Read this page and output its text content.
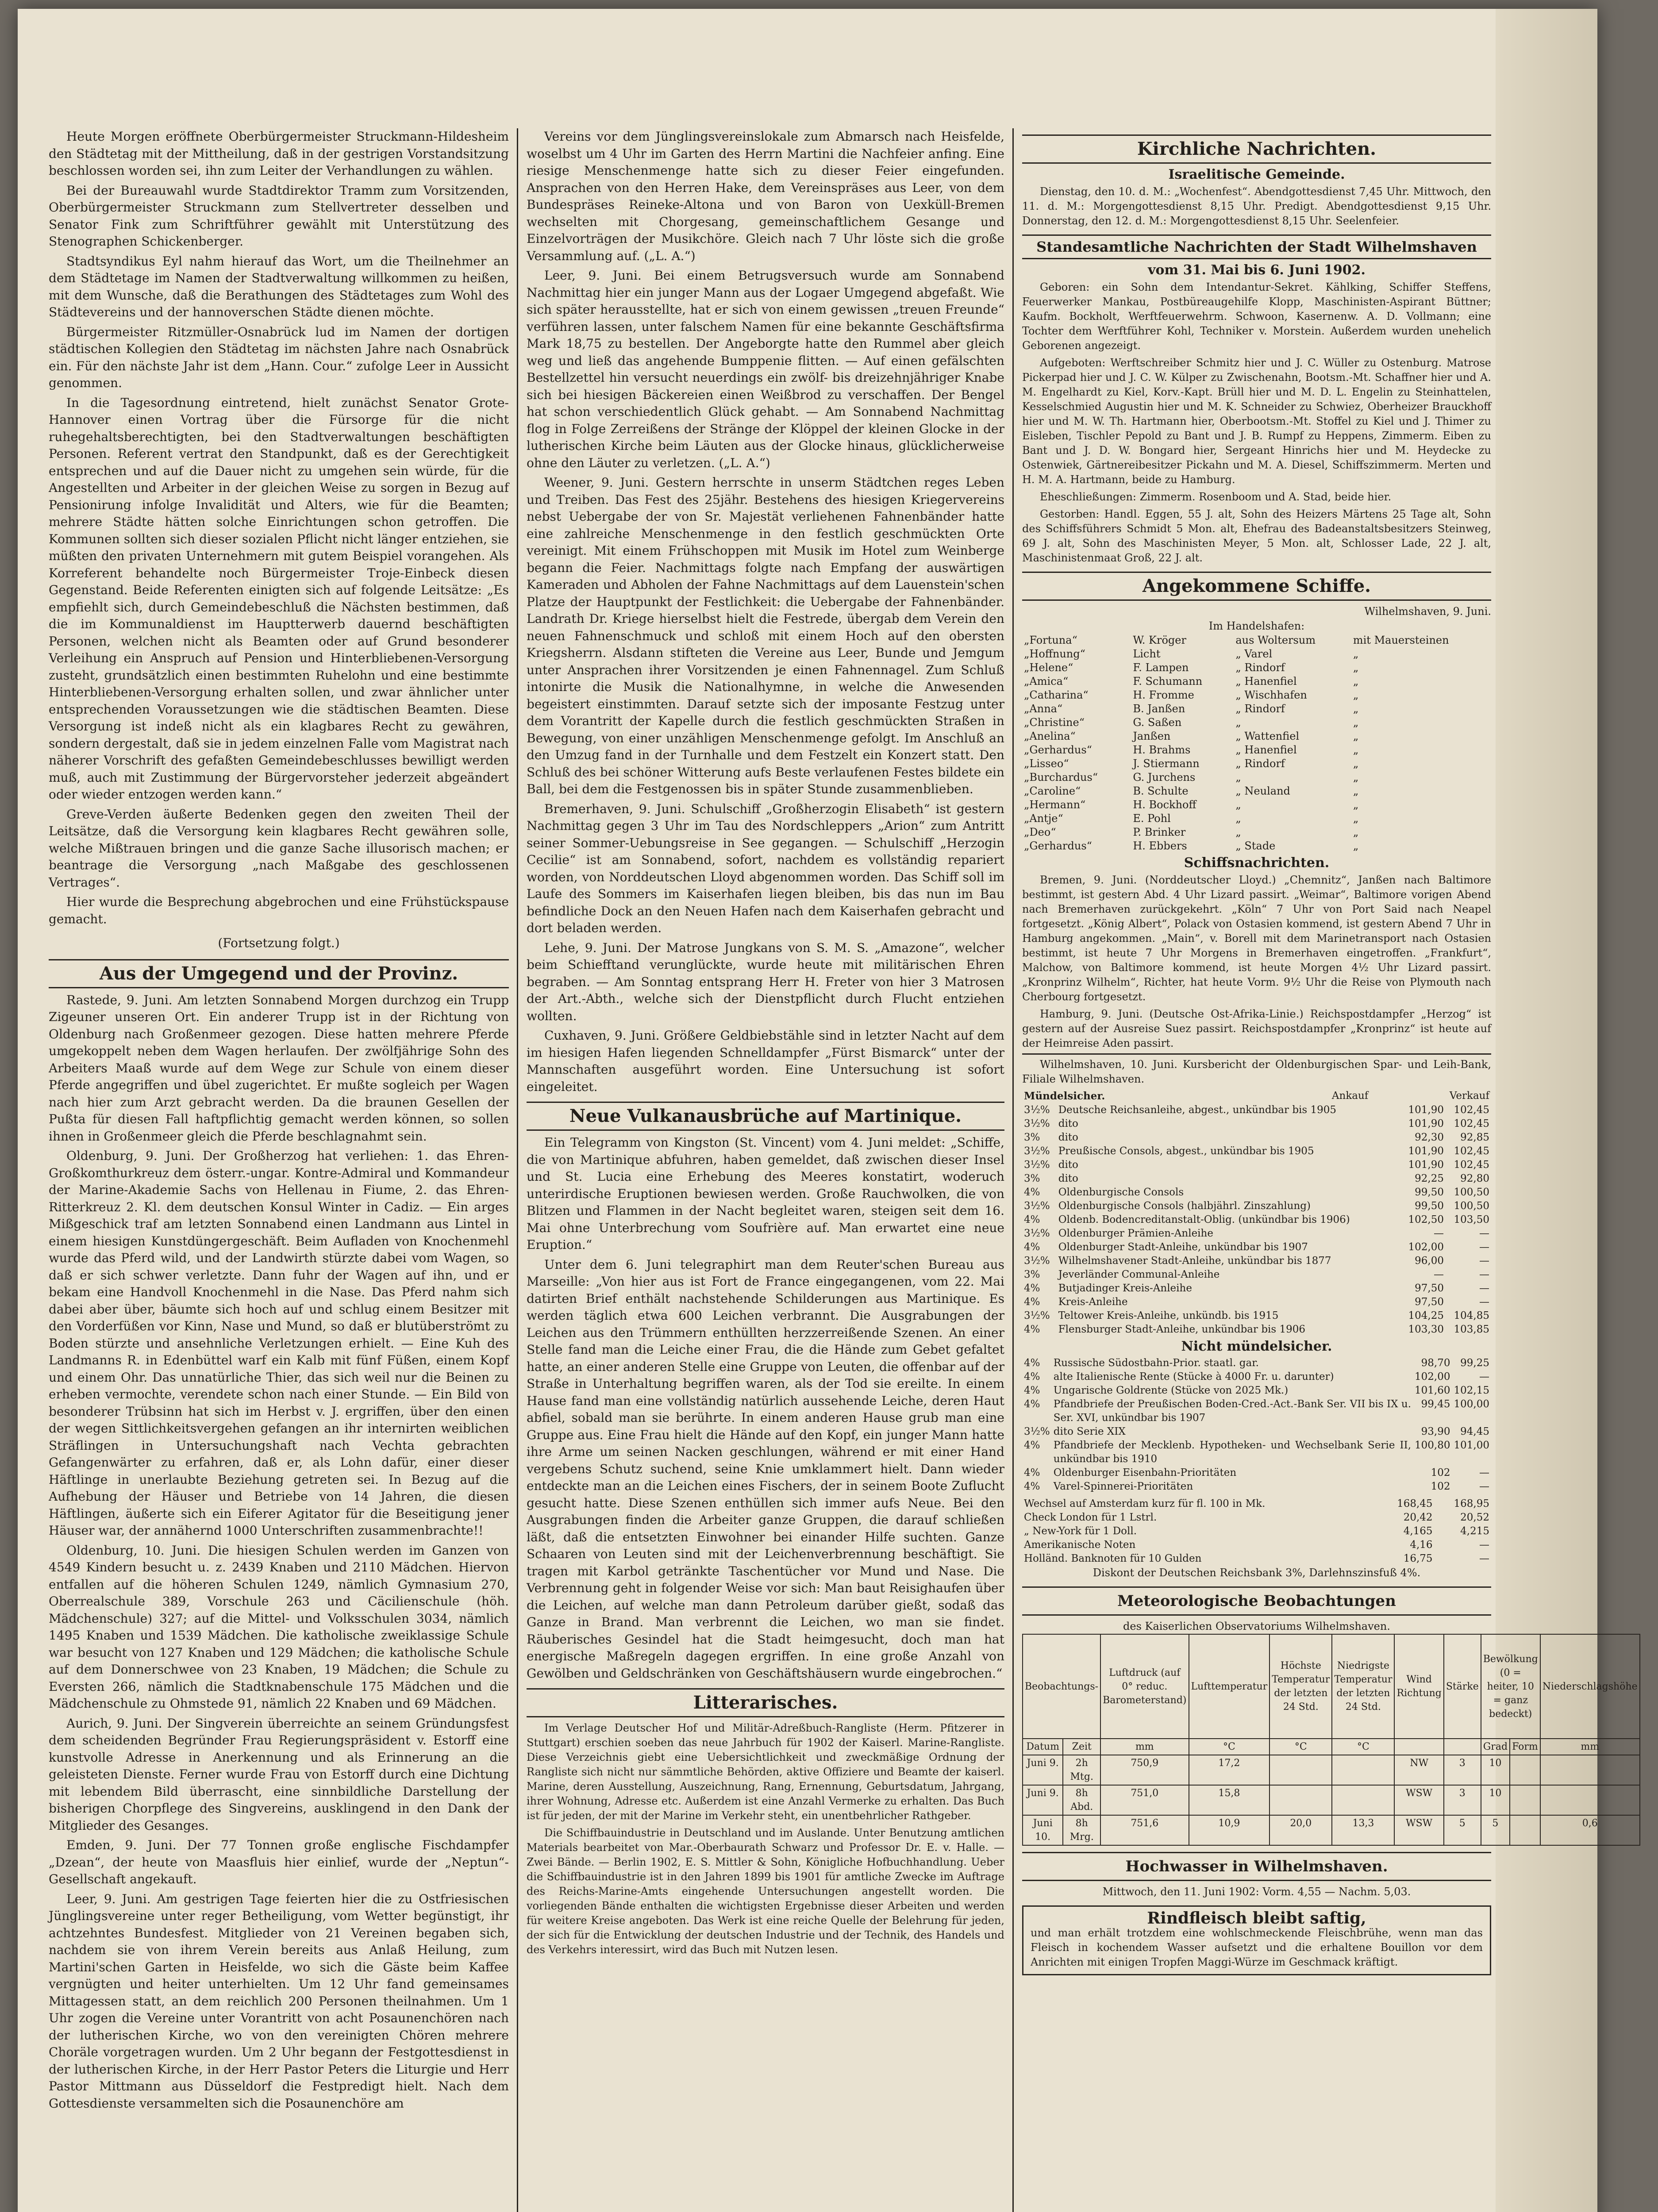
Heute Morgen eröffnete Oberbürgermeister Struckmann-Hildesheim den Städtetag mit der Mittheilung, daß in der gestrigen Vorstandsitzung beschlossen worden sei, ihn zum Leiter der Verhandlungen zu wählen.

Bei der Bureauwahl wurde Stadtdirektor Tramm zum Vorsitzenden, Oberbürgermeister Struckmann zum Stellvertreter desselben und Senator Fink zum Schriftführer gewählt mit Unterstützung des Stenographen Schickenberger.

Stadtsyndikus Eyl nahm hierauf das Wort, um die Theilnehmer an dem Städtetage im Namen der Stadtverwaltung willkommen zu heißen, mit dem Wunsche, daß die Berathungen des Städtetages zum Wohl des Städtevereins und der hannoverschen Städte dienen möchte.

Bürgermeister Ritzmüller-Osnabrück lud im Namen der dortigen städtischen Kollegien den Städtetag im nächsten Jahre nach Osnabrück ein. Für den nächste Jahr ist dem „Hann. Cour.“ zufolge Leer in Aussicht genommen.

In die Tagesordnung eintretend, hielt zunächst Senator Grote-Hannover einen Vortrag über die Fürsorge für die nicht ruhegehaltsberechtigten, bei den Stadtverwaltungen beschäftigten Personen. Referent vertrat den Standpunkt, daß es der Gerechtigkeit entsprechen und auf die Dauer nicht zu umgehen sein würde, für die Angestellten und Arbeiter in der gleichen Weise zu sorgen in Bezug auf Pensionirung infolge Invalidität und Alters, wie für die Beamten; mehrere Städte hätten solche Einrichtungen schon getroffen. Die Kommunen sollten sich dieser sozialen Pflicht nicht länger entziehen, sie müßten den privaten Unternehmern mit gutem Beispiel vorangehen. Als Korreferent behandelte noch Bürgermeister Troje-Einbeck diesen Gegenstand. Beide Referenten einigten sich auf folgende Leitsätze: „Es empfiehlt sich, durch Gemeindebeschluß die Nächsten bestimmen, daß die im Kommunaldienst im Hauptterwerb dauernd beschäftigten Personen, welchen nicht als Beamten oder auf Grund besonderer Verleihung ein Anspruch auf Pension und Hinterbliebenen-Versorgung zusteht, grundsätzlich einen bestimmten Ruhelohn und eine bestimmte Hinterbliebenen-Versorgung erhalten sollen, und zwar ähnlicher unter entsprechenden Voraussetzungen wie die städtischen Beamten. Diese Versorgung ist indeß nicht als ein klagbares Recht zu gewähren, sondern dergestalt, daß sie in jedem einzelnen Falle vom Magistrat nach näherer Vorschrift des gefaßten Gemeindebeschlusses bewilligt werden muß, auch mit Zustimmung der Bürgervorsteher jederzeit abgeändert oder wieder entzogen werden kann.“

Greve-Verden äußerte Bedenken gegen den zweiten Theil der Leitsätze, daß die Versorgung kein klagbares Recht gewähren solle, welche Mißtrauen bringen und die ganze Sache illusorisch machen; er beantrage die Versorgung „nach Maßgabe des geschlossenen Vertrages“.

Hier wurde die Besprechung abgebrochen und eine Frühstückspause gemacht.

(Fortsetzung folgt.)
Aus der Umgegend und der Provinz.

Rastede, 9. Juni. Am letzten Sonnabend Morgen durchzog ein Trupp Zigeuner unseren Ort. Ein anderer Trupp ist in der Richtung von Oldenburg nach Großenmeer gezogen. Diese hatten mehrere Pferde umgekoppelt neben dem Wagen herlaufen. Der zwölfjährige Sohn des Arbeiters Maaß wurde auf dem Wege zur Schule von einem dieser Pferde angegriffen und übel zugerichtet. Er mußte sogleich per Wagen nach hier zum Arzt gebracht werden. Da die braunen Gesellen der Pußta für diesen Fall haftpflichtig gemacht werden können, so sollen ihnen in Großenmeer gleich die Pferde beschlagnahmt sein.

Oldenburg, 9. Juni. Der Großherzog hat verliehen: 1. das Ehren-Großkomthurkreuz dem österr.-ungar. Kontre-Admiral und Kommandeur der Marine-Akademie Sachs von Hellenau in Fiume, 2. das Ehren-Ritterkreuz 2. Kl. dem deutschen Konsul Winter in Cadiz. — Ein arges Mißgeschick traf am letzten Sonnabend einen Landmann aus Lintel in einem hiesigen Kunstdüngergeschäft. Beim Aufladen von Knochenmehl wurde das Pferd wild, und der Landwirth stürzte dabei vom Wagen, so daß er sich schwer verletzte. Dann fuhr der Wagen auf ihn, und er bekam eine Handvoll Knochenmehl in die Nase. Das Pferd nahm sich dabei aber über, bäumte sich hoch auf und schlug einem Besitzer mit den Vorderfüßen vor Kinn, Nase und Mund, so daß er blutüberströmt zu Boden stürzte und ansehnliche Verletzungen erhielt. — Eine Kuh des Landmanns R. in Edenbüttel warf ein Kalb mit fünf Füßen, einem Kopf und einem Ohr. Das unnatürliche Thier, das sich weil nur die Beinen zu erheben vermochte, verendete schon nach einer Stunde. — Ein Bild von besonderer Trübsinn hat sich im Herbst v. J. ergriffen, über den einen der wegen Sittlichkeitsvergehen gefangen an ihr internirten weiblichen Sträflingen in Untersuchungshaft nach Vechta gebrachten Gefangenwärter zu erfahren, daß er, als Lohn dafür, einer dieser Häftlinge in unerlaubte Beziehung getreten sei. In Bezug auf die Aufhebung der Häuser und Betriebe von 14 Jahren, die diesen Häftlingen, äußerte sich ein Eiferer Agitator für die Beseitigung jener Häuser war, der annähernd 1000 Unterschriften zusammenbrachte!!

Oldenburg, 10. Juni. Die hiesigen Schulen werden im Ganzen von 4549 Kindern besucht u. z. 2439 Knaben und 2110 Mädchen. Hiervon entfallen auf die höheren Schulen 1249, nämlich Gymnasium 270, Oberrealschule 389, Vorschule 263 und Cäcilienschule (höh. Mädchenschule) 327; auf die Mittel- und Volksschulen 3034, nämlich 1495 Knaben und 1539 Mädchen. Die katholische zweiklassige Schule war besucht von 127 Knaben und 129 Mädchen; die katholische Schule auf dem Donnerschwee von 23 Knaben, 19 Mädchen; die Schule zu Eversten 266, nämlich die Stadtknabenschule 175 Mädchen und die Mädchenschule zu Ohmstede 91, nämlich 22 Knaben und 69 Mädchen.

Aurich, 9. Juni. Der Singverein überreichte an seinem Gründungsfest dem scheidenden Begründer Frau Regierungspräsident v. Estorff eine kunstvolle Adresse in Anerkennung und als Erinnerung an die geleisteten Dienste. Ferner wurde Frau von Estorff durch eine Dichtung mit lebendem Bild überrascht, eine sinnbildliche Darstellung der bisherigen Chorpflege des Singvereins, ausklingend in den Dank der Mitglieder des Gesanges.

Emden, 9. Juni. Der 77 Tonnen große englische Fischdampfer „Dzean“, der heute von Maasfluis hier einlief, wurde der „Neptun“-Gesellschaft angekauft.

Leer, 9. Juni. Am gestrigen Tage feierten hier die zu Ostfriesischen Jünglingsvereine unter reger Betheiligung, vom Wetter begünstigt, ihr achtzehntes Bundesfest. Mitglieder von 21 Vereinen begaben sich, nachdem sie von ihrem Verein bereits aus Anlaß Heilung, zum Martini'schen Garten in Heisfelde, wo sich die Gäste beim Kaffee vergnügten und heiter unterhielten. Um 12 Uhr fand gemeinsames Mittagessen statt, an dem reichlich 200 Personen theilnahmen. Um 1 Uhr zogen die Vereine unter Vorantritt von acht Posaunenchören nach der lutherischen Kirche, wo von den vereinigten Chören mehrere Choräle vorgetragen wurden. Um 2 Uhr begann der Festgottesdienst in der lutherischen Kirche, in der Herr Pastor Peters die Liturgie und Herr Pastor Mittmann aus Düsseldorf die Festpredigt hielt. Nach dem Gottesdienste versammelten sich die Posaunenchöre am

Vereins vor dem Jünglingsvereinslokale zum Abmarsch nach Heisfelde, woselbst um 4 Uhr im Garten des Herrn Martini die Nachfeier anfing. Eine riesige Menschenmenge hatte sich zu dieser Feier eingefunden. Ansprachen von den Herren Hake, dem Vereinspräses aus Leer, von dem Bundespräses Reineke-Altona und von Baron von Uexküll-Bremen wechselten mit Chorgesang, gemeinschaftlichem Gesange und Einzelvorträgen der Musikchöre. Gleich nach 7 Uhr löste sich die große Versammlung auf. („L. A.“)

Leer, 9. Juni. Bei einem Betrugsversuch wurde am Sonnabend Nachmittag hier ein junger Mann aus der Logaer Umgegend abgefaßt. Wie sich später herausstellte, hat er sich von einem gewissen „treuen Freunde“ verführen lassen, unter falschem Namen für eine bekannte Geschäftsfirma Mark 18,75 zu bestellen. Der Angeborgte hatte den Rummel aber gleich weg und ließ das angehende Bumppenie flitten. — Auf einen gefälschten Bestellzettel hin versucht neuerdings ein zwölf- bis dreizehnjähriger Knabe sich bei hiesigen Bäckereien einen Weißbrod zu verschaffen. Der Bengel hat schon verschiedentlich Glück gehabt. — Am Sonnabend Nachmittag flog in Folge Zerreißens der Stränge der Klöppel der kleinen Glocke in der lutherischen Kirche beim Läuten aus der Glocke hinaus, glücklicherweise ohne den Läuter zu verletzen. („L. A.“)

Weener, 9. Juni. Gestern herrschte in unserm Städtchen reges Leben und Treiben. Das Fest des 25jähr. Bestehens des hiesigen Kriegervereins nebst Uebergabe der von Sr. Majestät verliehenen Fahnenbänder hatte eine zahlreiche Menschenmenge in den festlich geschmückten Orte vereinigt. Mit einem Frühschoppen mit Musik im Hotel zum Weinberge begann die Feier. Nachmittags folgte nach Empfang der auswärtigen Kameraden und Abholen der Fahne Nachmittags auf dem Lauenstein'schen Platze der Hauptpunkt der Festlichkeit: die Uebergabe der Fahnenbänder. Landrath Dr. Kriege hierselbst hielt die Festrede, übergab dem Verein den neuen Fahnenschmuck und schloß mit einem Hoch auf den obersten Kriegsherrn. Alsdann stifteten die Vereine aus Leer, Bunde und Jemgum unter Ansprachen ihrer Vorsitzenden je einen Fahnennagel. Zum Schluß intonirte die Musik die Nationalhymne, in welche die Anwesenden begeistert einstimmten. Darauf setzte sich der imposante Festzug unter dem Vorantritt der Kapelle durch die festlich geschmückten Straßen in Bewegung, von einer unzähligen Menschenmenge gefolgt. Im Anschluß an den Umzug fand in der Turnhalle und dem Festzelt ein Konzert statt. Den Schluß des bei schöner Witterung aufs Beste verlaufenen Festes bildete ein Ball, bei dem die Festgenossen bis in später Stunde zusammenblieben.

Bremerhaven, 9. Juni. Schulschiff „Großherzogin Elisabeth“ ist gestern Nachmittag gegen 3 Uhr im Tau des Nordschleppers „Arion“ zum Antritt seiner Sommer-Uebungsreise in See gegangen. — Schulschiff „Herzogin Cecilie“ ist am Sonnabend, sofort, nachdem es vollständig repariert worden, von Norddeutschen Lloyd abgenommen worden. Das Schiff soll im Laufe des Sommers im Kaiserhafen liegen bleiben, bis das nun im Bau befindliche Dock an den Neuen Hafen nach dem Kaiserhafen gebracht und dort beladen werden.

Lehe, 9. Juni. Der Matrose Jungkans von S. M. S. „Amazone“, welcher beim Schiefftand verunglückte, wurde heute mit militärischen Ehren begraben. — Am Sonntag entsprang Herr H. Freter von hier 3 Matrosen der Art.-Abth., welche sich der Dienstpflicht durch Flucht entziehen wollten.

Cuxhaven, 9. Juni. Größere Geldbiebstähle sind in letzter Nacht auf dem im hiesigen Hafen liegenden Schnelldampfer „Fürst Bismarck“ unter der Mannschaften ausgeführt worden. Eine Untersuchung ist sofort eingeleitet.

Neue Vulkanausbrüche auf Martinique.

Ein Telegramm von Kingston (St. Vincent) vom 4. Juni meldet: „Schiffe, die von Martinique abfuhren, haben gemeldet, daß zwischen dieser Insel und St. Lucia eine Erhebung des Meeres konstatirt, woderuch unterirdische Eruptionen bewiesen werden. Große Rauchwolken, die von Blitzen und Flammen in der Nacht begleitet waren, steigen seit dem 16. Mai ohne Unterbrechung vom Soufrière auf. Man erwartet eine neue Eruption.“

Unter dem 6. Juni telegraphirt man dem Reuter'schen Bureau aus Marseille: „Von hier aus ist Fort de France eingegangenen, vom 22. Mai datirten Brief enthält nachstehende Schilderungen aus Martinique. Es werden täglich etwa 600 Leichen verbrannt. Die Ausgrabungen der Leichen aus den Trümmern enthüllten herzzerreißende Szenen. An einer Stelle fand man die Leiche einer Frau, die die Hände zum Gebet gefaltet hatte, an einer anderen Stelle eine Gruppe von Leuten, die offenbar auf der Straße in Unterhaltung begriffen waren, als der Tod sie ereilte. In einem Hause fand man eine vollständig natürlich aussehende Leiche, deren Haut abfiel, sobald man sie berührte. In einem anderen Hause grub man eine Gruppe aus. Eine Frau hielt die Hände auf den Kopf, ein junger Mann hatte ihre Arme um seinen Nacken geschlungen, während er mit einer Hand vergebens Schutz suchend, seine Knie umklammert hielt. Dann wieder entdeckte man an die Leichen eines Fischers, der in seinem Boote Zuflucht gesucht hatte. Diese Szenen enthüllen sich immer aufs Neue. Bei den Ausgrabungen finden die Arbeiter ganze Gruppen, die darauf schließen läßt, daß die entsetzten Einwohner bei einander Hilfe suchten. Ganze Schaaren von Leuten sind mit der Leichenverbrennung beschäftigt. Sie tragen mit Karbol getränkte Taschentücher vor Mund und Nase. Die Verbrennung geht in folgender Weise vor sich: Man baut Reisighaufen über die Leichen, auf welche man dann Petroleum darüber gießt, sodaß das Ganze in Brand. Man verbrennt die Leichen, wo man sie findet. Räuberisches Gesindel hat die Stadt heimgesucht, doch man hat energische Maßregeln dagegen ergriffen. In eine große Anzahl von Gewölben und Geldschränken von Geschäftshäusern wurde eingebrochen.“

Litterarisches.

Im Verlage Deutscher Hof und Militär-Adreßbuch-Rangliste (Herm. Pfitzerer in Stuttgart) erschien soeben das neue Jahrbuch für 1902 der Kaiserl. Marine-Rangliste. Diese Verzeichnis giebt eine Uebersichtlichkeit und zweckmäßige Ordnung der Rangliste sich nicht nur sämmtliche Behörden, aktive Offiziere und Beamte der kaiserl. Marine, deren Ausstellung, Auszeichnung, Rang, Ernennung, Geburtsdatum, Jahrgang, ihrer Wohnung, Adresse etc. Außerdem ist eine Anzahl Vermerke zu erhalten. Das Buch ist für jeden, der mit der Marine im Verkehr steht, ein unentbehrlicher Rathgeber.

Die Schiffbauindustrie in Deutschland und im Auslande. Unter Benutzung amtlichen Materials bearbeitet von Mar.-Oberbaurath Schwarz und Professor Dr. E. v. Halle. — Zwei Bände. — Berlin 1902, E. S. Mittler & Sohn, Königliche Hofbuchhandlung. Ueber die Schiffbauindustrie ist in den Jahren 1899 bis 1901 für amtliche Zwecke im Auftrage des Reichs-Marine-Amts eingehende Untersuchungen angestellt worden. Die vorliegenden Bände enthalten die wichtigsten Ergebnisse dieser Arbeiten und werden für weitere Kreise angeboten. Das Werk ist eine reiche Quelle der Belehrung für jeden, der sich für die Entwicklung der deutschen Industrie und der Technik, des Handels und des Verkehrs interessirt, wird das Buch mit Nutzen lesen.

Kirchliche Nachrichten.
Israelitische Gemeinde.

Dienstag, den 10. d. M.: „Wochenfest“. Abendgottesdienst 7,45 Uhr. Mittwoch, den 11. d. M.: Morgengottesdienst 8,15 Uhr. Predigt. Abendgottesdienst 9,15 Uhr. Donnerstag, den 12. d. M.: Morgengottesdienst 8,15 Uhr. Seelenfeier.

Standesamtliche Nachrichten der Stadt Wilhelmshaven
vom 31. Mai bis 6. Juni 1902.

Geboren: ein Sohn dem Intendantur-Sekret. Kählking, Schiffer Steffens, Feuerwerker Mankau, Postbüreaugehilfe Klopp, Maschinisten-Aspirant Büttner; Kaufm. Bockholt, Werftfeuerwehrm. Schwoon, Kasernenw. A. D. Vollmann; eine Tochter dem Werftführer Kohl, Techniker v. Morstein. Außerdem wurden unehelich Geborenen angezeigt.

Aufgeboten: Werftschreiber Schmitz hier und J. C. Wüller zu Ostenburg. Matrose Pickerpad hier und J. C. W. Külper zu Zwischenahn, Bootsm.-Mt. Schaffner hier und A. M. Engelhardt zu Kiel, Korv.-Kapt. Brüll hier und M. D. L. Engelin zu Steinhattelen, Kesselschmied Augustin hier und M. K. Schneider zu Schwiez, Oberheizer Brauckhoff hier und M. W. Th. Hartmann hier, Oberbootsm.-Mt. Stoffel zu Kiel und J. Thimer zu Eisleben, Tischler Pepold zu Bant und J. B. Rumpf zu Heppens, Zimmerm. Eiben zu Bant und J. D. W. Bongard hier, Sergeant Hinrichs hier und M. Heydecke zu Ostenwiek, Gärtnereibesitzer Pickahn und M. A. Diesel, Schiffszimmerm. Merten und H. M. A. Hartmann, beide zu Hamburg.

Eheschließungen: Zimmerm. Rosenboom und A. Stad, beide hier.

Gestorben: Handl. Eggen, 55 J. alt, Sohn des Heizers Märtens 25 Tage alt, Sohn des Schiffsführers Schmidt 5 Mon. alt, Ehefrau des Badeanstaltsbesitzers Steinweg, 69 J. alt, Sohn des Maschinisten Meyer, 5 Mon. alt, Schlosser Lade, 22 J. alt, Maschinistenmaat Groß, 22 J. alt.

Angekommene Schiffe.
Wilhelmshaven, 9. Juni.
Im Handelshafen:
„Fortuna“	W. Kröger	aus Woltersum	mit Mauersteinen
„Hoffnung“	Licht	„ Varel	„
„Helene“	F. Lampen	„ Rindorf	„
„Amica“	F. Schumann	„ Hanenfiel	„
„Catharina“	H. Fromme	„ Wischhafen	„
„Anna“	B. Janßen	„ Rindorf	„
„Christine“	G. Saßen	„	„
„Anelina“	Janßen	„ Wattenfiel	„
„Gerhardus“	H. Brahms	„ Hanenfiel	„
„Lisseo“	J. Stiermann	„ Rindorf	„
„Burchardus“	G. Jurchens	„	„
„Caroline“	B. Schulte	„ Neuland	„
„Hermann“	H. Bockhoff	„	„
„Antje“	E. Pohl	„	„
„Deo“	P. Brinker	„	„
„Gerhardus“	H. Ebbers	„ Stade	„
Schiffsnachrichten.

Bremen, 9. Juni. (Norddeutscher Lloyd.) „Chemnitz“, Janßen nach Baltimore bestimmt, ist gestern Abd. 4 Uhr Lizard passirt. „Weimar“, Baltimore vorigen Abend nach Bremerhaven zurückgekehrt. „Köln“ 7 Uhr von Port Said nach Neapel fortgesetzt. „König Albert“, Polack von Ostasien kommend, ist gestern Abend 7 Uhr in Hamburg angekommen. „Main“, v. Borell mit dem Marinetransport nach Ostasien bestimmt, ist heute 7 Uhr Morgens in Bremerhaven eingetroffen. „Frankfurt“, Malchow, von Baltimore kommend, ist heute Morgen 4½ Uhr Lizard passirt. „Kronprinz Wilhelm“, Richter, hat heute Vorm. 9½ Uhr die Reise von Plymouth nach Cherbourg fortgesetzt.

Hamburg, 9. Juni. (Deutsche Ost-Afrika-Linie.) Reichspostdampfer „Herzog“ ist gestern auf der Ausreise Suez passirt. Reichspostdampfer „Kronprinz“ ist heute auf der Heimreise Aden passirt.

Wilhelmshaven, 10. Juni. Kursbericht der Oldenburgischen Spar- und Leih-Bank, Filiale Wilhelmshaven.

Mündelsicher.	Ankauf	Verkauf
3½%	Deutsche Reichsanleihe, abgest., unkündbar bis 1905	101,90	102,45
3½%	dito	101,90	102,45
3%	dito	92,30	92,85
3½%	Preußische Consols, abgest., unkündbar bis 1905	101,90	102,45
3½%	dito	101,90	102,45
3%	dito	92,25	92,80
4%	Oldenburgische Consols	99,50	100,50
3½%	Oldenburgische Consols (halbjährl. Zinszahlung)	99,50	100,50
4%	Oldenb. Bodencreditanstalt-Oblig. (unkündbar bis 1906)	102,50	103,50
3½%	Oldenburger Prämien-Anleihe	—	—
4%	Oldenburger Stadt-Anleihe, unkündbar bis 1907	102,00	—
3½%	Wilhelmshavener Stadt-Anleihe, unkündbar bis 1877	96,00	—
3%	Jeverländer Communal-Anleihe	—	—
4%	Butjadinger Kreis-Anleihe	97,50	—
4%	Kreis-Anleihe	97,50	—
3½%	Teltower Kreis-Anleihe, unkündb. bis 1915	104,25	104,85
4%	Flensburger Stadt-Anleihe, unkündbar bis 1906	103,30	103,85
Nicht mündelsicher.
4%	Russische Südostbahn-Prior. staatl. gar.	98,70	99,25
4%	alte Italienische Rente (Stücke à 4000 Fr. u. darunter)	102,00	—
4%	Ungarische Goldrente (Stücke von 2025 Mk.)	101,60	102,15
4%	Pfandbriefe der Preußischen Boden-Cred.-Act.-Bank Ser. VII bis IX u. Ser. XVI, unkündbar bis 1907	99,45	100,00
3½%	dito Serie XIX	93,90	94,45
4%	Pfandbriefe der Mecklenb. Hypotheken- und Wechselbank Serie II, unkündbar bis 1910	100,80	101,00
4%	Oldenburger Eisenbahn-Prioritäten	102	—
4%	Varel-Spinnerei-Prioritäten	102	—
Wechsel auf Amsterdam kurz für fl. 100 in Mk.	168,45	168,95
Check London für 1 Lstrl.	20,42	20,52
„ New-York für 1 Doll.	4,165	4,215
Amerikanische Noten	4,16	—
Holländ. Banknoten für 10 Gulden	16,75	—
Diskont der Deutschen Reichsbank 3%, Darlehnszinsfuß 4%.
Meteorologische Beobachtungen
des Kaiserlichen Observatoriums Wilhelmshaven.
Beobachtungs-		Luftdruck (auf 0° reduc. Barometerstand)	Lufttemperatur	Höchste Temperatur der letzten 24 Std.	Niedrigste Temperatur der letzten 24 Std.	Wind Richtung	Stärke	Bewölkung (0 = heiter, 10 = ganz bedeckt)		Niederschlagshöhe
Datum	Zeit	mm	°C	°C	°C			Grad	Form	mm
Juni 9.	2h Mtg.	750,9	17,2			NW	3	10		
Juni 9.	8h Abd.	751,0	15,8			WSW	3	10		
Juni 10.	8h Mrg.	751,6	10,9	20,0	13,3	WSW	5	5		0,6
Hochwasser in Wilhelmshaven.
Mittwoch, den 11. Juni 1902: Vorm. 4,55 — Nachm. 5,03.
Rindfleisch bleibt saftig,
und man erhält trotzdem eine wohlschmeckende Fleischbrühe, wenn man das Fleisch in kochendem Wasser aufsetzt und die erhaltene Bouillon vor dem Anrichten mit einigen Tropfen Maggi-Würze im Geschmack kräftigt.
